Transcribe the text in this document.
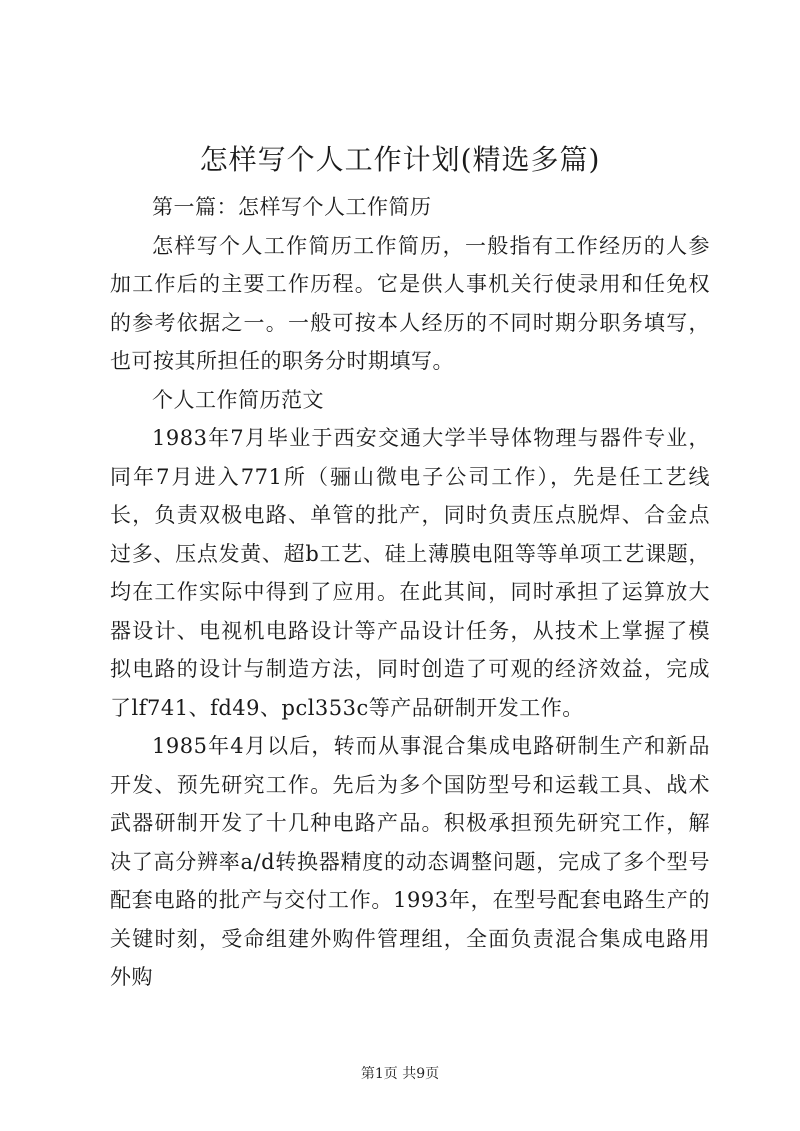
怎样写个人工作计划(精选多篇)

第一篇：怎样写个人工作简历

怎样写个人工作简历工作简历，一般指有工作经历的人参加工作后的主要工作历程。它是供人事机关行使录用和任免权的参考依据之一。一般可按本人经历的不同时期分职务填写，也可按其所担任的职务分时期填写。

个人工作简历范文

1983年7月毕业于西安交通大学半导体物理与器件专业，同年7月进入771所（骊山微电子公司工作），先是任工艺线长，负责双极电路、单管的批产，同时负责压点脱焊、合金点过多、压点发黄、超b工艺、硅上薄膜电阻等等单项工艺课题，均在工作实际中得到了应用。在此其间，同时承担了运算放大器设计、电视机电路设计等产品设计任务，从技术上掌握了模拟电路的设计与制造方法，同时创造了可观的经济效益，完成了lf741、fd49、pcl353c等产品研制开发工作。

1985年4月以后，转而从事混合集成电路研制生产和新品开发、预先研究工作。先后为多个国防型号和运载工具、战术武器研制开发了十几种电路产品。积极承担预先研究工作，解决了高分辨率a/d转换器精度的动态调整问题，完成了多个型号配套电路的批产与交付工作。1993年，在型号配套电路生产的关键时刻，受命组建外购件管理组，全面负责混合集成电路用外购

第1页 共9页
